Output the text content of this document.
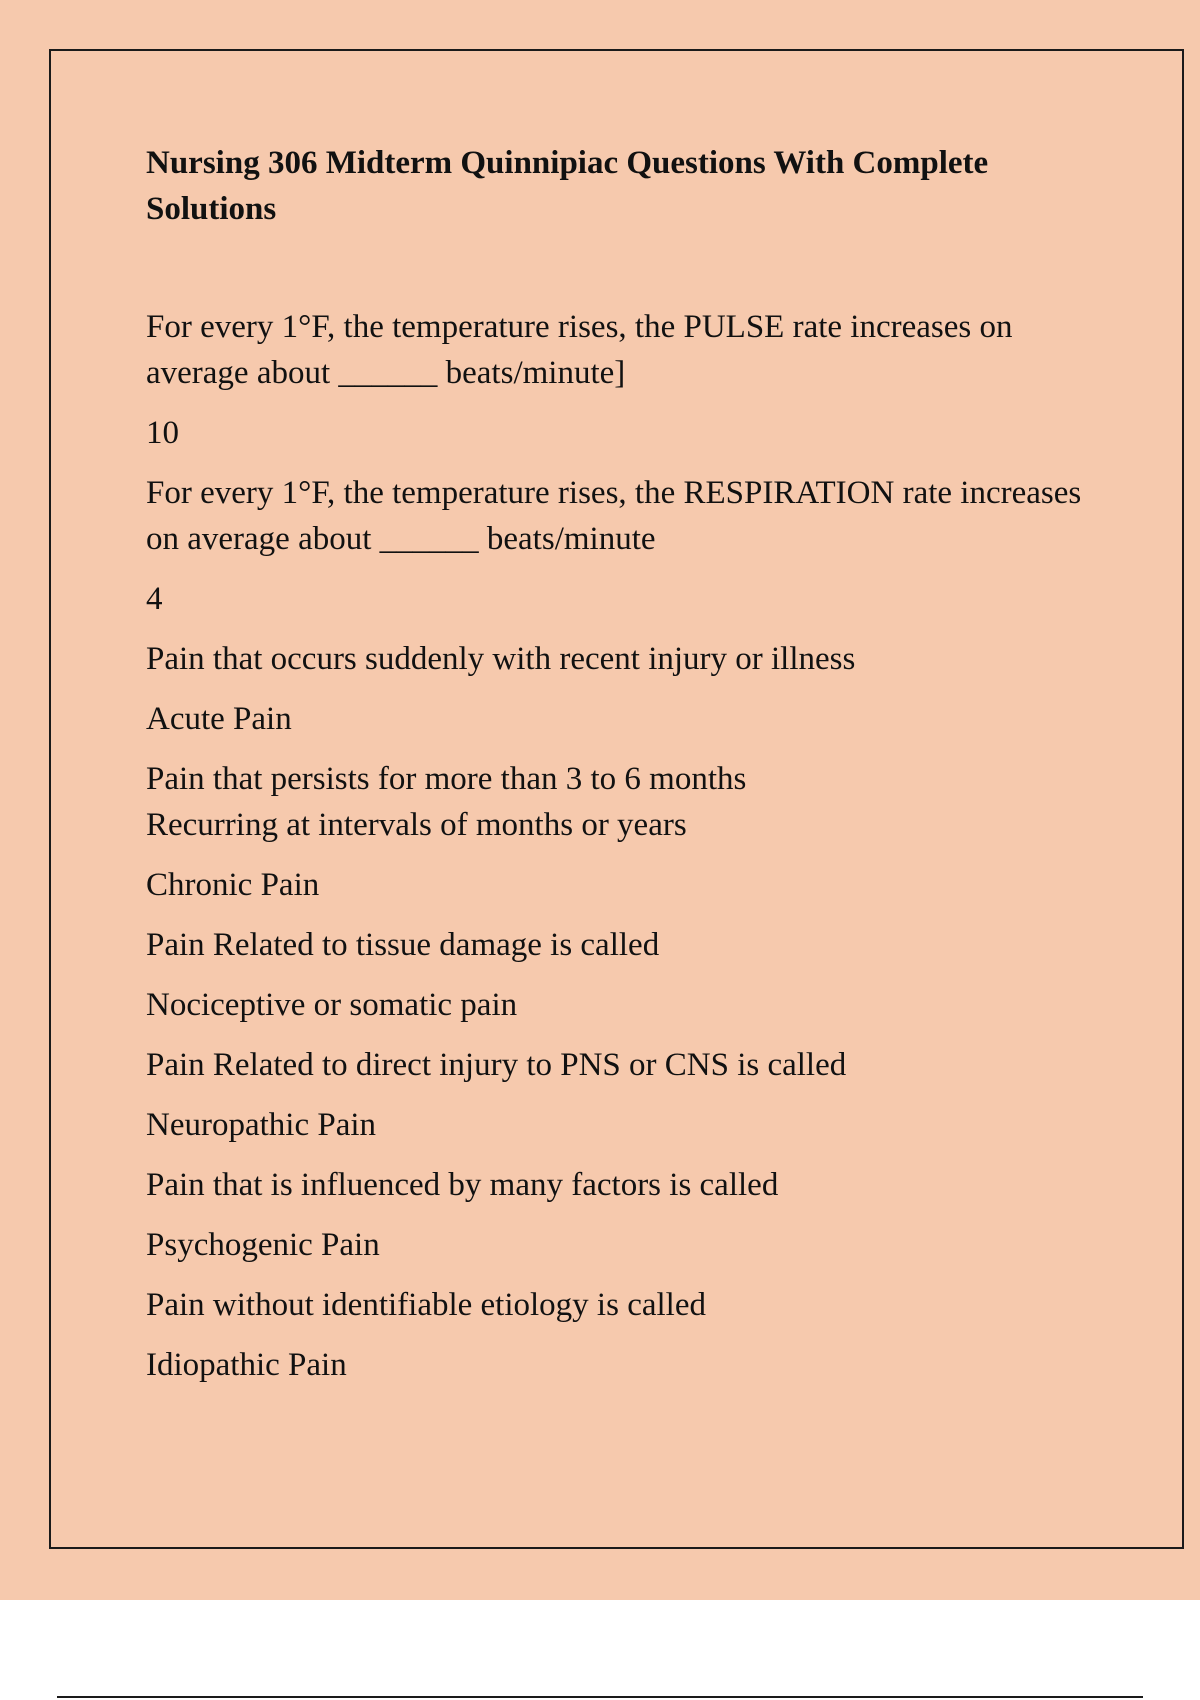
Nursing 306 Midterm Quinnipiac Questions With Complete Solutions

For every 1°F, the temperature rises, the PULSE rate increases on average about ______ beats/minute]

10

For every 1°F, the temperature rises, the RESPIRATION rate increases on average about ______ beats/minute

4

Pain that occurs suddenly with recent injury or illness

Acute Pain

Pain that persists for more than 3 to 6 months
Recurring at intervals of months or years

Chronic Pain

Pain Related to tissue damage is called

Nociceptive or somatic pain

Pain Related to direct injury to PNS or CNS is called

Neuropathic Pain

Pain that is influenced by many factors is called

Psychogenic Pain

Pain without identifiable etiology is called

Idiopathic Pain
